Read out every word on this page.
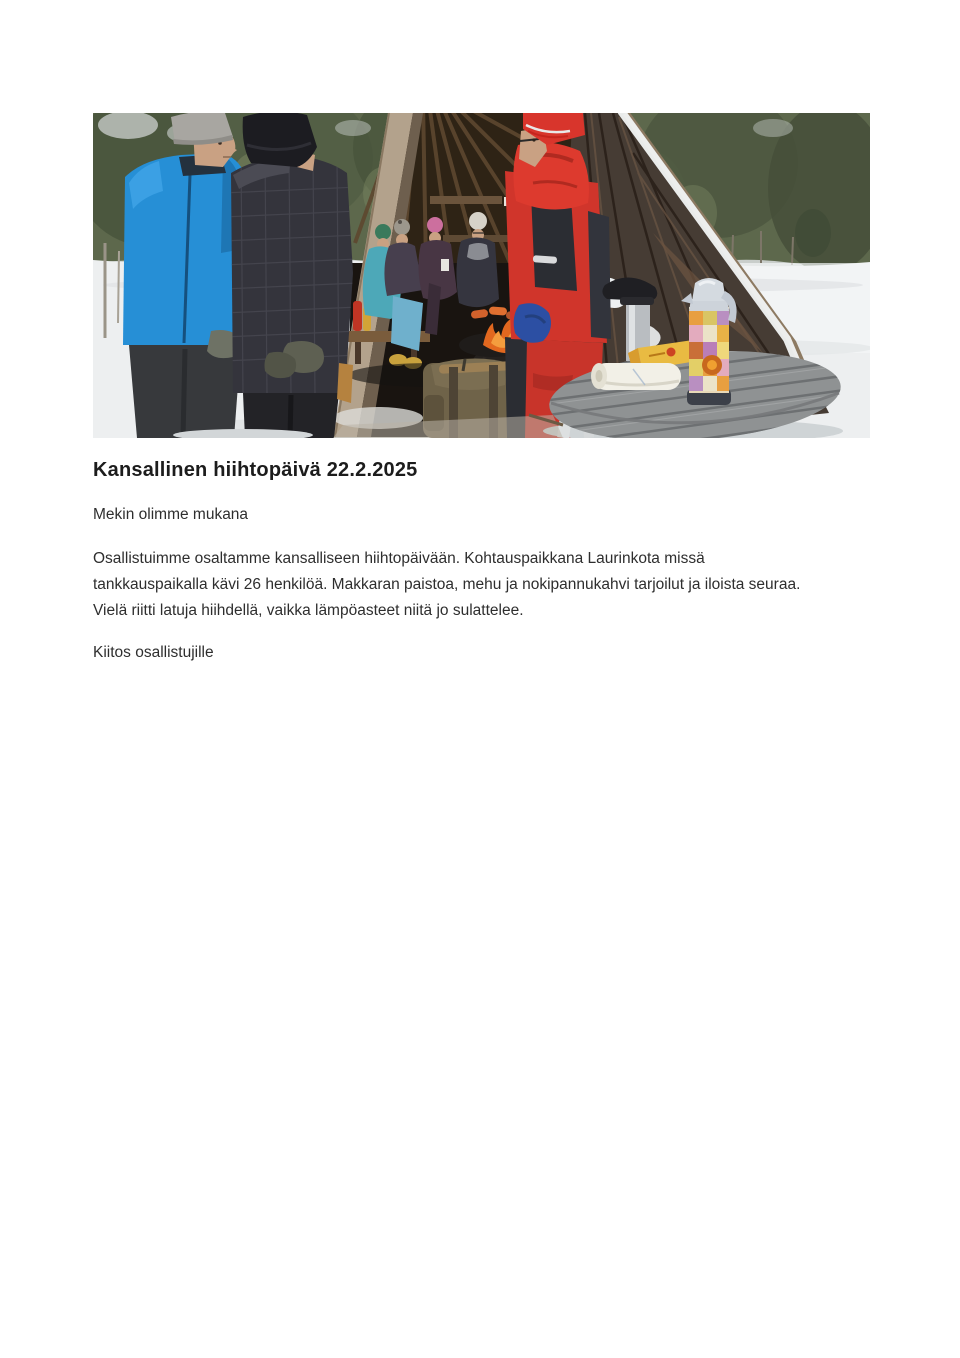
Kansallinen hiihtopäivä 22.2.2025

Mekin olimme mukana

Osallistuimme osaltamme kansalliseen hiihtopäivään. Kohtauspaikkana Laurinkota missä tankkauspaikalla kävi 26 henkilöä. Makkaran paistoa, mehu ja nokipannukahvi tarjoilut ja iloista seuraa. Vielä riitti latuja hiihdellä, vaikka lämpöasteet niitä jo sulattelee.

Kiitos osallistujille
